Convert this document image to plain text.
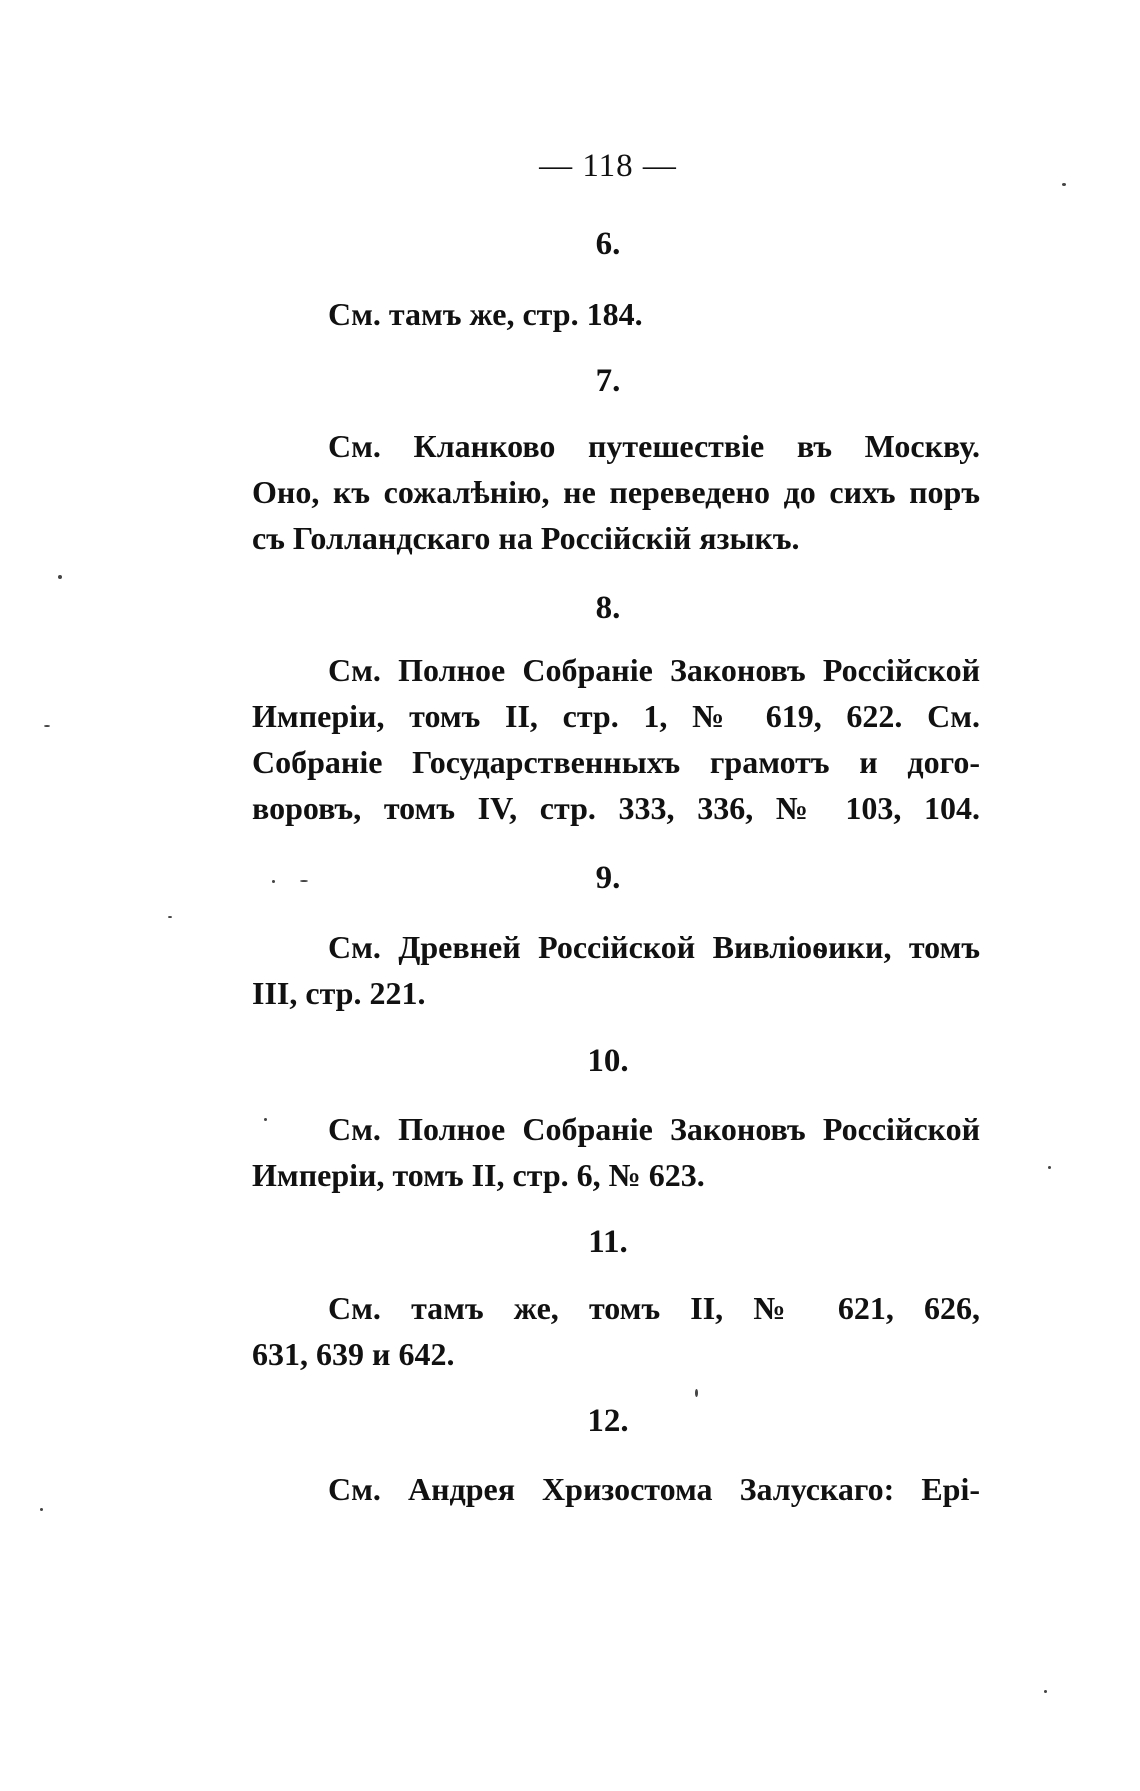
— 118 —
6.
См. тамъ же, стр. 184.
7.
См. Кланково путешествіе въ Москву.
Оно, къ сожалѣнію, не переведено до сихъ поръ
съ Голландскаго на Россійскій языкъ.
8.
См. Полное Собраніе Законовъ Россійской
Имперіи, томъ II, стр. 1, № 619, 622. См.
Собраніе Государственныхъ грамотъ и дого-
воровъ, томъ IV, стр. 333, 336, № 103, 104.
9.
См. Древней Россійской Вивліоѳики, томъ
III, стр. 221.
10.
См. Полное Собраніе Законовъ Россійской
Имперіи, томъ II, стр. 6, № 623.
11.
См. тамъ же, томъ II, № 621, 626,
631, 639 и 642.
12.
См. Андрея Хризостома Залускаго: Epi-
